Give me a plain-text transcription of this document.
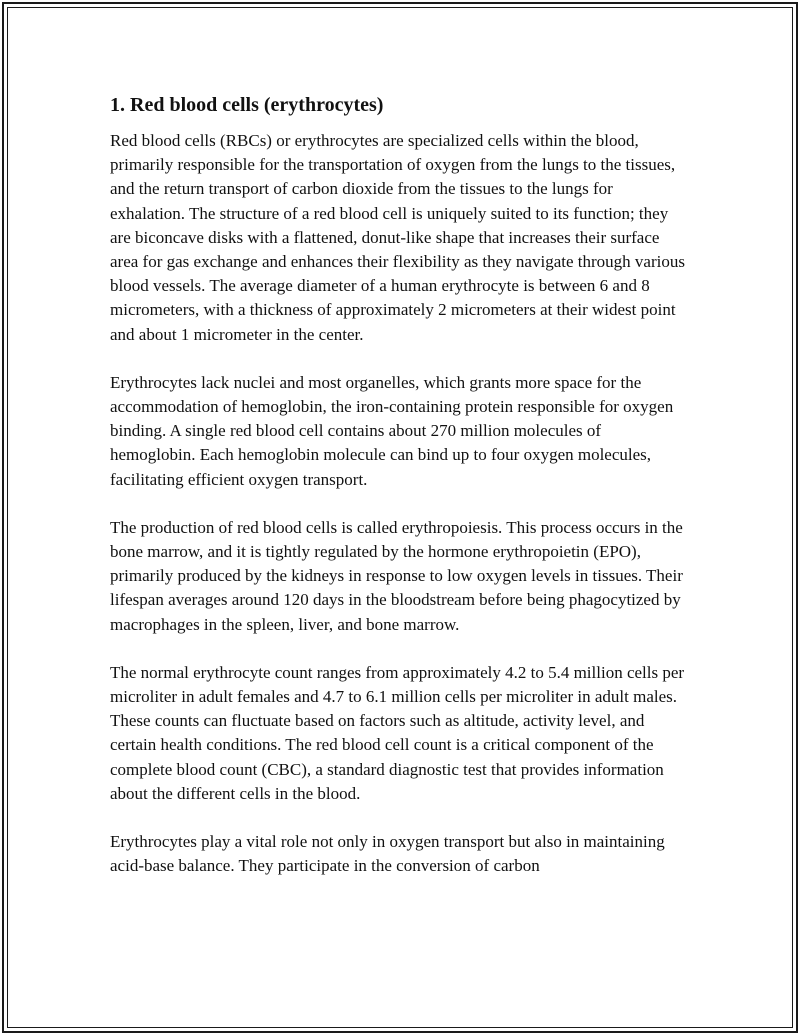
1. Red blood cells (erythrocytes)

Red blood cells (RBCs) or erythrocytes are specialized cells within the blood, primarily responsible for the transportation of oxygen from the lungs to the tissues, and the return transport of carbon dioxide from the tissues to the lungs for exhalation. The structure of a red blood cell is uniquely suited to its function; they are biconcave disks with a flattened, donut-like shape that increases their surface area for gas exchange and enhances their flexibility as they navigate through various blood vessels. The average diameter of a human erythrocyte is between 6 and 8 micrometers, with a thickness of approximately 2 micrometers at their widest point and about 1 micrometer in the center.

Erythrocytes lack nuclei and most organelles, which grants more space for the accommodation of hemoglobin, the iron-containing protein responsible for oxygen binding. A single red blood cell contains about 270 million molecules of hemoglobin. Each hemoglobin molecule can bind up to four oxygen molecules, facilitating efficient oxygen transport.

The production of red blood cells is called erythropoiesis. This process occurs in the bone marrow, and it is tightly regulated by the hormone erythropoietin (EPO), primarily produced by the kidneys in response to low oxygen levels in tissues. Their lifespan averages around 120 days in the bloodstream before being phagocytized by macrophages in the spleen, liver, and bone marrow.

The normal erythrocyte count ranges from approximately 4.2 to 5.4 million cells per microliter in adult females and 4.7 to 6.1 million cells per microliter in adult males. These counts can fluctuate based on factors such as altitude, activity level, and certain health conditions. The red blood cell count is a critical component of the complete blood count (CBC), a standard diagnostic test that provides information about the different cells in the blood.

Erythrocytes play a vital role not only in oxygen transport but also in maintaining acid-base balance. They participate in the conversion of carbon
